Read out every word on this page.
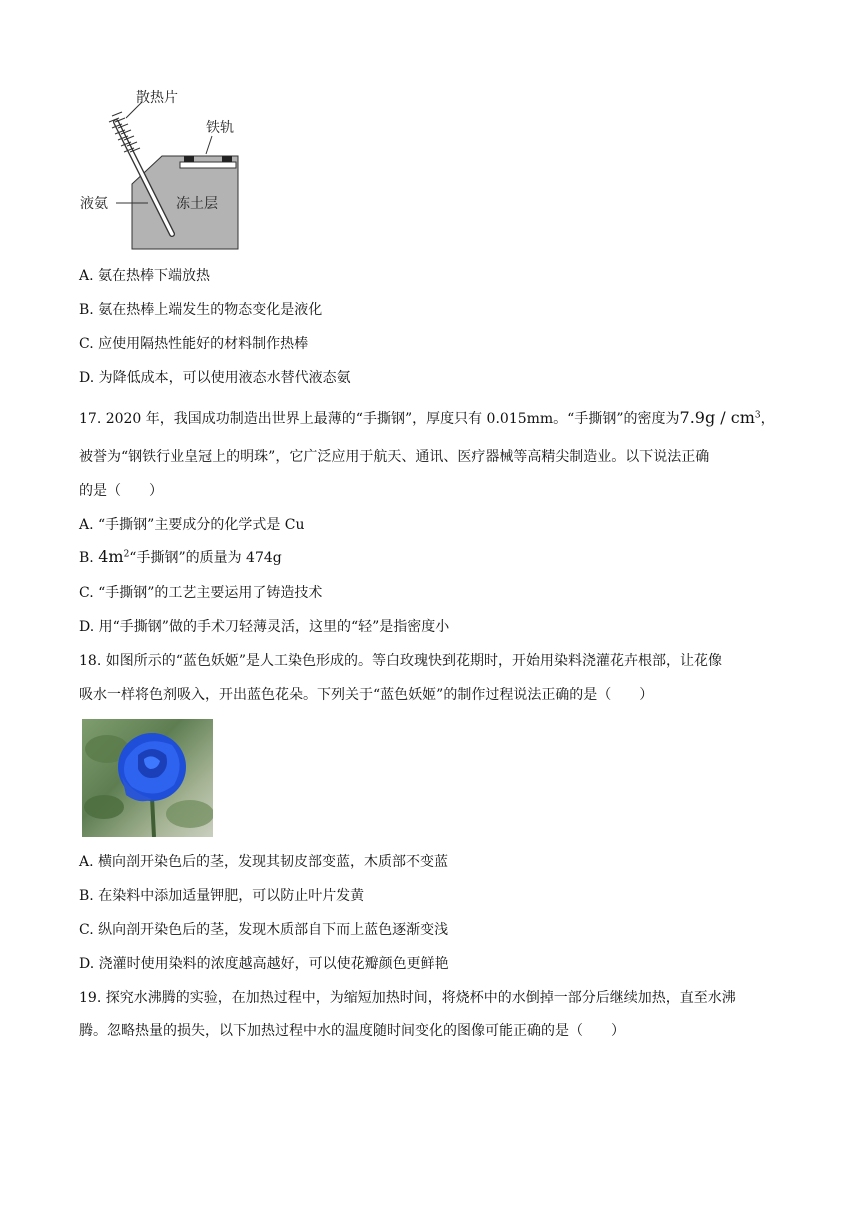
散热片
铁轨
液氨	冻土层
A. 氨在热棒下端放热
B. 氨在热棒上端发生的物态变化是液化
C. 应使用隔热性能好的材料制作热棒
D. 为降低成本，可以使用液态水替代液态氨
17. 2020 年，我国成功制造出世界上最薄的“手撕钢”，厚度只有 0.015mm。“手撕钢”的密度为$7.9g / cm^3$，
被誉为“钢铁行业皇冠上的明珠”，它广泛应用于航天、通讯、医疗器械等高精尖制造业。以下说法正确
的是（　　）
A. “手撕钢”主要成分的化学式是 Cu
B. $4m^2“$手撕钢”的质量为 474g
C. “手撕钢”的工艺主要运用了铸造技术
D. 用“手撕钢”做的手术刀轻薄灵活，这里的“轻”是指密度小
18. 如图所示的“蓝色妖姬”是人工染色形成的。等白玫瑰快到花期时，开始用染料浇灌花卉根部，让花像
吸水一样将色剂吸入，开出蓝色花朵。下列关于“蓝色妖姬”的制作过程说法正确的是（　　）
A. 横向剖开染色后的茎，发现其韧皮部变蓝，木质部不变蓝
B. 在染料中添加适量钾肥，可以防止叶片发黄
C. 纵向剖开染色后的茎，发现木质部自下而上蓝色逐渐变浅
D. 浇灌时使用染料的浓度越高越好，可以使花瓣颜色更鲜艳
19. 探究水沸腾的实验，在加热过程中，为缩短加热时间，将烧杯中的水倒掉一部分后继续加热，直至水沸
腾。忽略热量的损失，以下加热过程中水的温度随时间变化的图像可能正确的是（　　）
